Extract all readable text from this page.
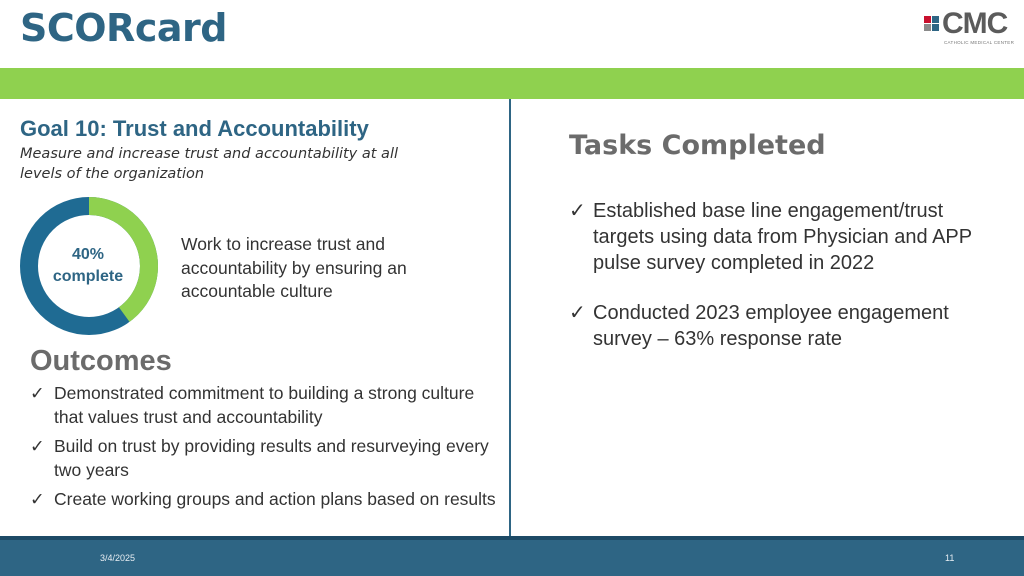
SCORcard	CMC
CATHOLIC MEDICAL CENTER
Goal 10: Trust and Accountability
Measure and increase trust and accountability at all levels of the organization
40%
complete
Work to increase trust and accountability by ensuring an accountable culture
Outcomes
✓ Demonstrated commitment to building a strong culture that values trust and accountability
✓ Build on trust by providing results and resurveying every two years
✓ Create working groups and action plans based on results
Tasks Completed
✓ Established base line engagement/trust targets using data from Physician and APP pulse survey completed in 2022
✓ Conducted 2023 employee engagement survey – 63% response rate
3/4/2025	11
